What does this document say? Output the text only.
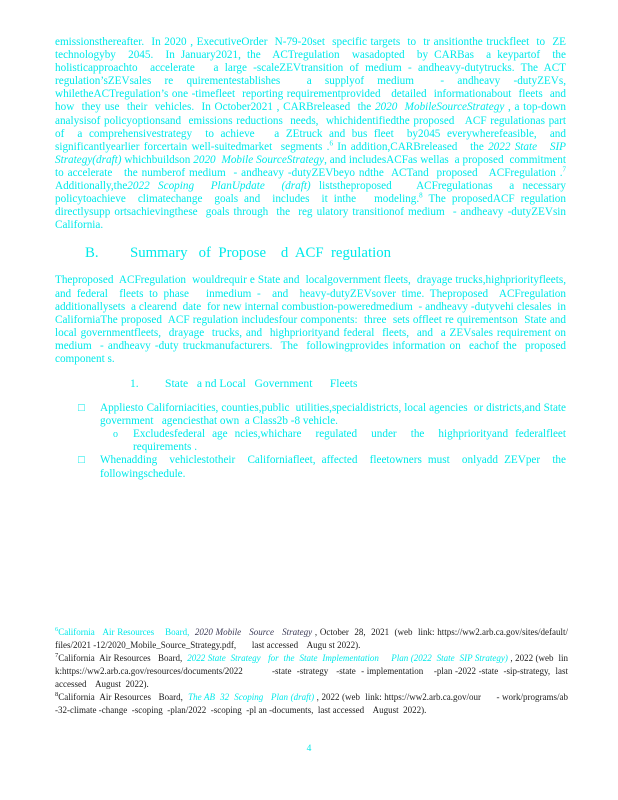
emissionsthereafter.  In 2020 , ExecutiveOrder  N-79-20set  specific targets  to  tr ansitionthe truckfleet  to  ZE technologyby  2045.  In January2021, the  ACTregulation  wasadopted  by CARBas  a keypartof  the  holisticapproachto  accelerate   a large -scaleZEVtransition of medium - andheavy-dutytrucks. The ACT  regulation’sZEVsales re quirementestablishes  a supplyof medium  - andheavy -dutyZEVs, whiletheACTregulation’s one -timefleet  reporting requirementprovided   detailed  informationabout  fleets  and  how  they use  their  vehicles.  In October2021 , CARBreleased  the 2020  MobileSourceStrategy , a top-down analysisof policyoptionsand  emissions reductions  needs,  whichidentifiedthe proposed   ACF regulationas part  of  a comprehensivestrategy  to achieve   a ZEtruck and bus fleet  by2045 everywherefeasible,  and   significantlyearlier forcertain well-suitedmarket  segments .$^6$ In addition,CARBreleased   the 2022 State   SIP Strategy(draft) whichbuildson 2020  Mobile SourceStrategy, and includesACFas wellas  a proposed  commitment  to accelerate   the numberof medium  - andheavy -dutyZEVbeyo ndthe  ACTand  proposed   ACFregulation .$^7$ Additionally,the2022 Scoping  PlanUpdate  (draft) liststheproposed   ACFregulationas  a necessary  policytoachieve  climatechange  goals and  includes  it inthe   modeling.$^8$ The proposedACF regulation directlysupp ortsachievingthese  goals through  the  reg ulatory transitionof medium  - andheavy -dutyZEVsin  California.

B.	Summary   of  Propose    d  ACF  regulation

Theproposed  ACFregulation  wouldrequir e State and  localgovernment fleets,  drayage trucks,highpriorityfleets,  and federal  fleets to phase   inmedium -  and  heavy-dutyZEVsover time. Theproposed  ACFregulation  additionallysets  a clearend  date  for new internal combustion-poweredmedium  - andheavy -dutyvehi clesales  in CaliforniaThe proposed  ACF regulation includesfour components:  three  sets offleet re quirementson  State and local governmentfleets,  drayage  trucks, and  highpriorityand federal  fleets,  and  a ZEVsales requirement on medium  - andheavy -duty truckmanufacturers.  The  followingprovides information on  eachof the  proposed  component s.

1.	State   a nd Local   Government      Fleets
□	Appliesto Californiacities, counties,public  utilities,specialdistricts, local agencies  or districts,and State government   agenciesthat own  a Class2b -8 vehicle.
o	Excludesfederal age ncies,whichare  regulated  under  the  highpriorityand federalfleet requirements .
□	Whenadding  vehiclestotheir  Californiafleet, affected  fleetowners must  onlyadd ZEVper  the  followingschedule.

$^6$California   Air Resources    Board,  2020 Mobile   Source   Strategy , October  28,  2021  (web  link: https://ww2.arb.ca.gov/sites/default/       files/2021 -12/2020_Mobile_Source_Strategy.pdf,       last accessed    Augu st 2022).

$^7$California  Air Resources   Board,  2022 State  Strategy   for  the  State  Implementation     Plan (2022  State  SIP Strategy) , 2022 (web  lin k:https://ww2.arb.ca.gov/resources/documents/2022           -state  -strategy   -state  - implementation    -plan -2022 -state  -sip-strategy,  last accessed    August  2022).

$^8$California  Air Resources   Board,  The AB  32  Scoping   Plan (draft) , 2022 (web  link: https://ww2.arb.ca.gov/our      - work/programs/ab    -32-climate -change  -scoping  -plan/2022  -scoping  -pl an -documents,  last accessed    August  2022).

4
